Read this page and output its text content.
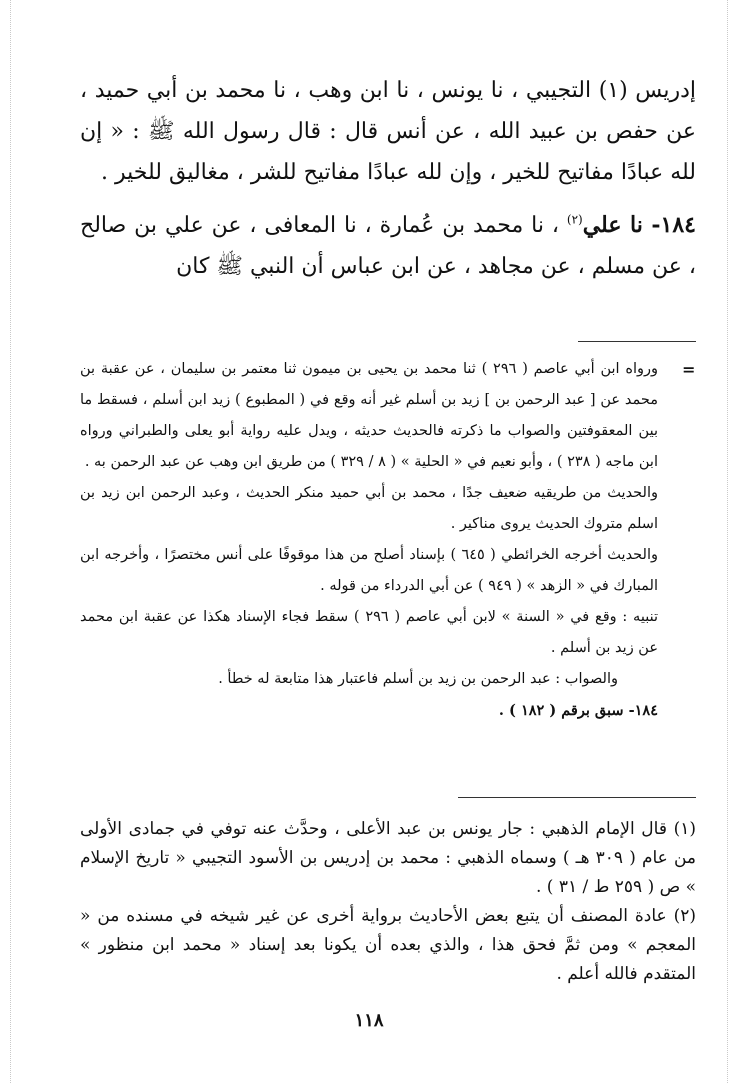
إدريس (١) التجيبي ، نا يونس ، نا ابن وهب ، نا محمد بن أبي حميد ، عن حفص بن عبيد الله ، عن أنس قال : قال رسول الله ﷺ : « إن لله عبادًا مفاتيح للخير ، وإن لله عبادًا مفاتيح للشر ، مغاليق للخير .

١٨٤- نا علي$^{(٢)}$ ، نا محمد بن عُمارة ، نا المعافى ، عن علي بن صالح ، عن مسلم ، عن مجاهد ، عن ابن عباس أن النبي ﷺ كان

=

ورواه ابن أبي عاصم ( ٢٩٦ ) ثنا محمد بن يحيى بن ميمون ثنا معتمر بن سليمان ، عن عقبة بن محمد عن [ عبد الرحمن بن ] زيد بن أسلم غير أنه وقع في ( المطبوع ) زيد ابن أسلم ، فسقط ما بين المعقوفتين والصواب ما ذكرته فالحديث حديثه ، ويدل عليه رواية أبو يعلى والطبراني ورواه ابن ماجه ( ٢٣٨ ) ، وأبو نعيم في « الحلية » ( ٨ / ٣٢٩ ) من طريق ابن وهب عن عبد الرحمن به .

والحديث من طريقيه ضعيف جدًا ، محمد بن أبي حميد منكر الحديث ، وعبد الرحمن ابن زيد بن اسلم متروك الحديث يروى مناكير .

والحديث أخرجه الخرائطي ( ٦٤٥ ) بإسناد أصلح من هذا موقوفًا على أنس مختصرًا ، وأخرجه ابن المبارك في « الزهد » ( ٩٤٩ ) عن أبي الدرداء من قوله .

تنبيه : وقع في « السنة » لابن أبي عاصم ( ٢٩٦ ) سقط فجاء الإسناد هكذا عن عقبة ابن محمد عن زيد بن أسلم .

والصواب : عبد الرحمن بن زيد بن أسلم فاعتبار هذا متابعة له خطأ .

١٨٤- سبق برقم ( ١٨٢ ) .

(١) قال الإمام الذهبي : جار يونس بن عبد الأعلى ، وحدَّث عنه توفي في جمادى الأولى من عام ( ٣٠٩ هـ ) وسماه الذهبي : محمد بن إدريس بن الأسود التجيبي « تاريخ الإسلام » ص ( ٢٥٩ ط / ٣١ ) .

(٢) عادة المصنف أن يتبع بعض الأحاديث برواية أخرى عن غير شيخه في مسنده من « المعجم » ومن ثمَّ فحق هذا ، والذي بعده أن يكونا بعد إسناد « محمد ابن منظور » المتقدم فالله أعلم .

١١٨
